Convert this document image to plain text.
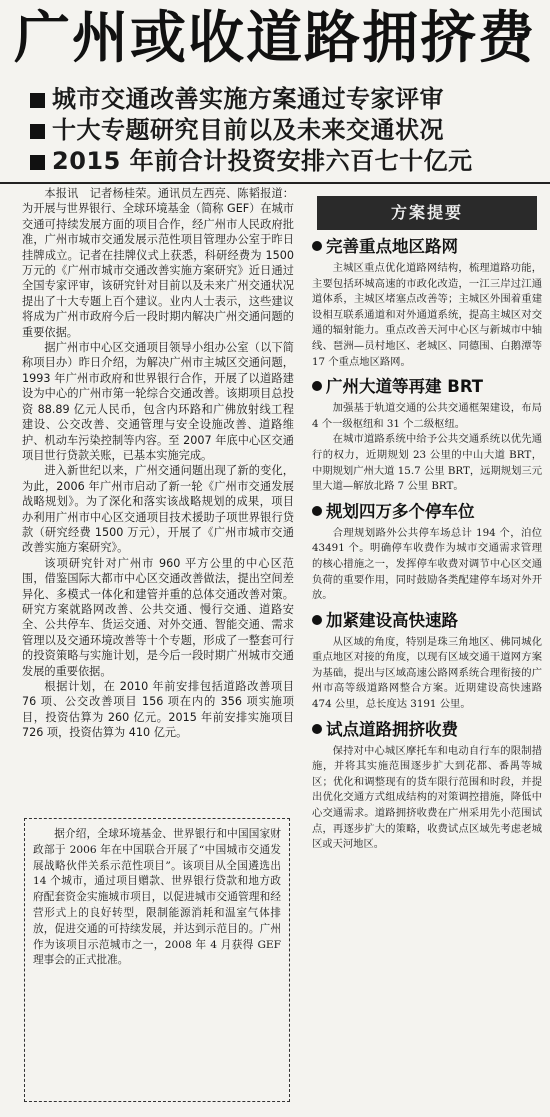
广州或收道路拥挤费
城市交通改善实施方案通过专家评审
十大专题研究目前以及未来交通状况
2015 年前合计投资安排六百七十亿元

本报讯　记者杨桂荣。通讯员左西亮、陈韬报道：为开展与世界银行、全球环境基金（简称 GEF）在城市交通可持续发展方面的项目合作，经广州市人民政府批准，广州市城市交通发展示范性项目管理办公室于昨日挂牌成立。记者在挂牌仪式上获悉，科研经费为 1500 万元的《广州市城市交通改善实施方案研究》近日通过全国专家评审，该研究针对目前以及未来广州交通状况提出了十大专题上百个建议。业内人士表示，这些建议将成为广州市政府今后一段时期内解决广州交通问题的重要依据。

据广州市中心区交通项目领导小组办公室（以下简称项目办）昨日介绍，为解决广州市主城区交通问题，1993 年广州市政府和世界银行合作，开展了以道路建设为中心的广州市第一轮综合交通改善。该期项目总投资 88.89 亿元人民币，包含内环路和广佛放射线工程建设、公交改善、交通管理与安全设施改善、道路维护、机动车污染控制等内容。至 2007 年底中心区交通项目世行贷款关账，已基本实施完成。

进入新世纪以来，广州交通问题出现了新的变化，为此，2006 年广州市启动了新一轮《广州市交通发展战略规划》。为了深化和落实该战略规划的成果，项目办利用广州市中心区交通项目技术援助子项世界银行贷款（研究经费 1500 万元），开展了《广州市城市交通改善实施方案研究》。

该项研究针对广州市 960 平方公里的中心区范围，借鉴国际大都市中心区交通改善做法，提出空间差异化、多模式一体化和建管并重的总体交通改善对策。研究方案就路网改善、公共交通、慢行交通、道路安全、公共停车、货运交通、对外交通、智能交通、需求管理以及交通环境改善等十个专题，形成了一整套可行的投资策略与实施计划，是今后一段时期广州城市交通发展的重要依据。

根据计划，在 2010 年前安排包括道路改善项目 76 项、公交改善项目 156 项在内的 356 项实施项目，投资估算为 260 亿元。2015 年前安排实施项目 726 项，投资估算为 410 亿元。

据介绍，全球环境基金、世界银行和中国国家财政部于 2006 年在中国联合开展了“中国城市交通发展战略伙伴关系示范性项目”。该项目从全国遴选出 14 个城市，通过项目赠款、世界银行贷款和地方政府配套资金实施城市项目，以促进城市交通管理和经营形式上的良好转型，限制能源消耗和温室气体排放，促进交通的可持续发展，并达到示范目的。广州作为该项目示范城市之一，2008 年 4 月获得 GEF 理事会的正式批准。

方案提要
完善重点地区路网

主城区重点优化道路网结构，梳理道路功能，主要包括环城高速的市政化改造，一江三岸过江通道体系，主城区堵塞点改善等；主城区外围着重建设相互联系通道和对外通道系统，提高主城区对交通的辐射能力。重点改善天河中心区与新城市中轴线、琶洲—员村地区、老城区、同德围、白鹅潭等 17 个重点地区路网。

广州大道等再建 BRT

加强基于轨道交通的公共交通框架建设，布局 4 个一级枢纽和 31 个二级枢纽。

在城市道路系统中给予公共交通系统以优先通行的权力，近期规划 23 公里的中山大道 BRT，中期规划广州大道 15.7 公里 BRT，远期规划三元里大道—解放北路 7 公里 BRT。

规划四万多个停车位

合理规划路外公共停车场总计 194 个，泊位 43491 个。明确停车收费作为城市交通需求管理的核心措施之一，发挥停车收费对调节中心区交通负荷的重要作用，同时鼓励各类配建停车场对外开放。

加紧建设高快速路

从区域的角度，特别是珠三角地区、佛同城化重点地区对接的角度，以现有区域交通干道网方案为基础，提出与区域高速公路网系统合理衔接的广州市高等级道路网整合方案。近期建设高快速路 474 公里，总长度达 3191 公里。

试点道路拥挤收费

保持对中心城区摩托车和电动自行车的限制措施，并将其实施范围逐步扩大到花都、番禺等城区；优化和调整现有的货车限行范围和时段，并提出优化交通方式组成结构的对策调控措施，降低中心交通需求。道路拥挤收费在广州采用先小范围试点，再逐步扩大的策略，收费试点区域先考虑老城区或天河地区。
